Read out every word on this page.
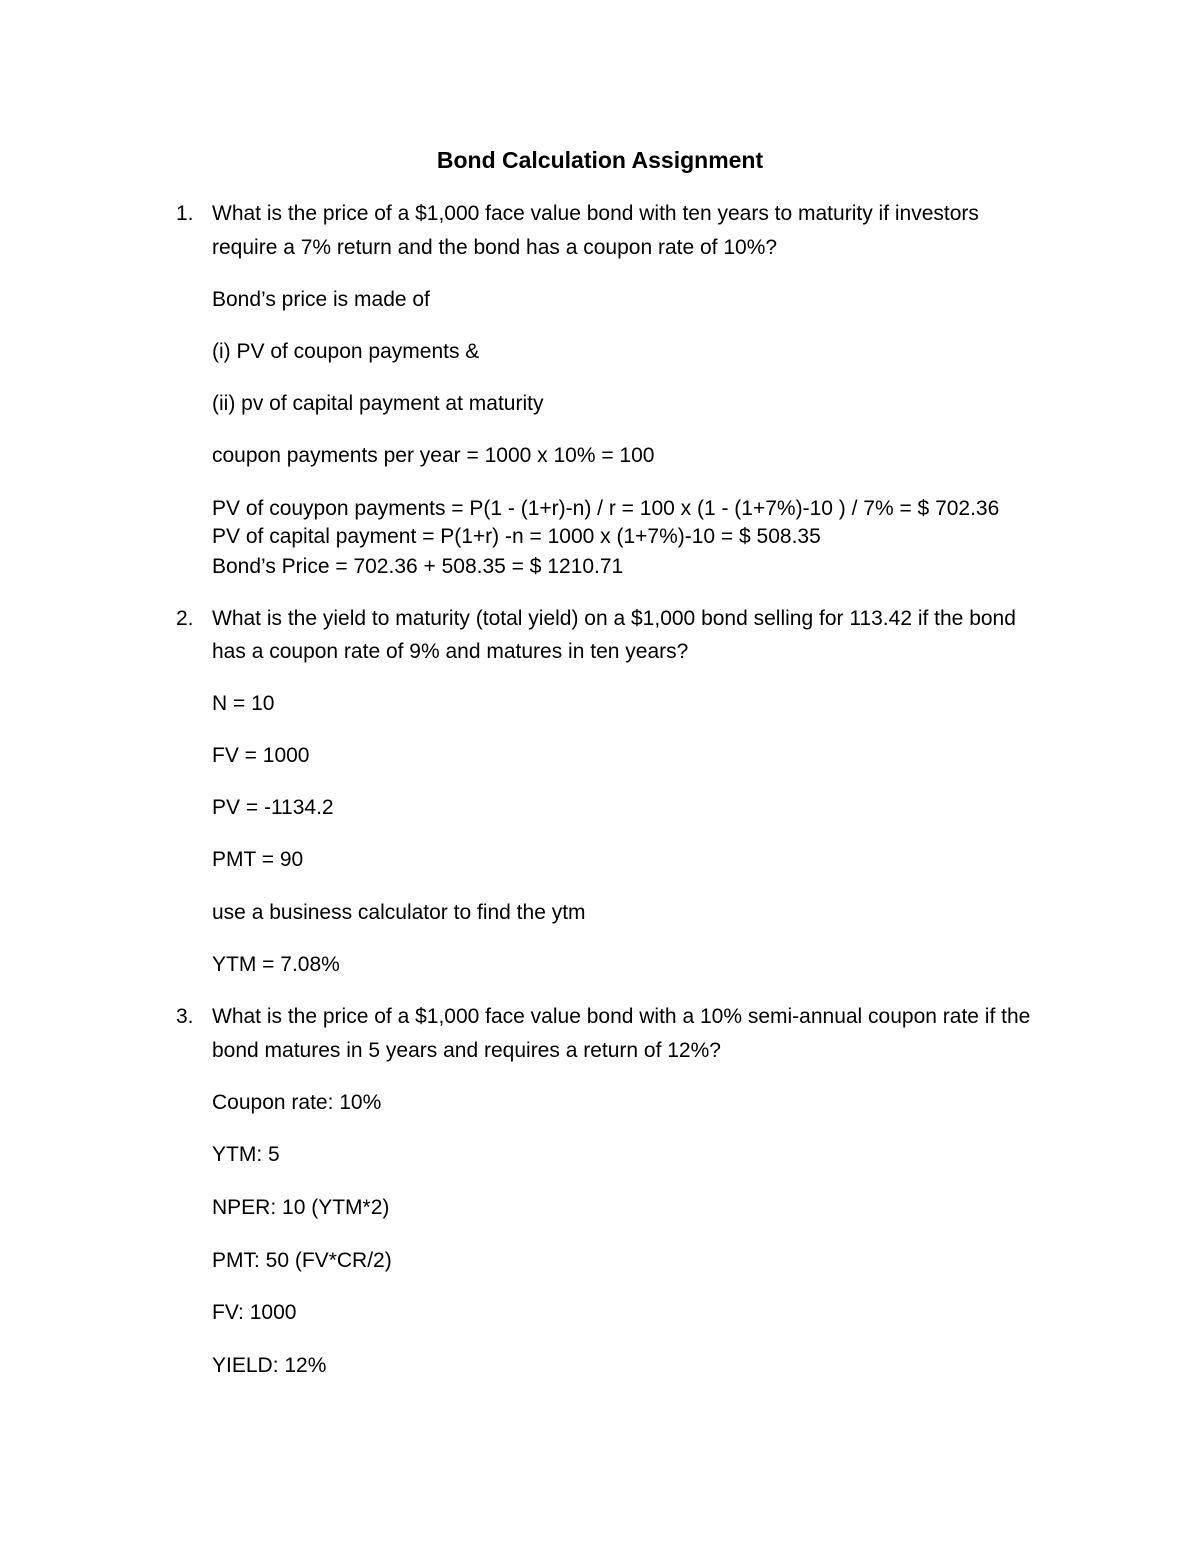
Bond Calculation Assignment
1. What is the price of a $1,000 face value bond with ten years to maturity if investors
require a 7% return and the bond has a coupon rate of 10%?
Bond’s price is made of
(i) PV of coupon payments &
(ii) pv of capital payment at maturity
coupon payments per year = 1000 x 10% = 100
PV of couypon payments = P(1 - (1+r)-n) / r = 100 x (1 - (1+7%)-10 ) / 7% = $ 702.36
PV of capital payment = P(1+r) -n = 1000 x (1+7%)-10 = $ 508.35
Bond’s Price = 702.36 + 508.35 = $ 1210.71
2. What is the yield to maturity (total yield) on a $1,000 bond selling for 113.42 if the bond
has a coupon rate of 9% and matures in ten years?
N = 10
FV = 1000
PV = -1134.2
PMT = 90
use a business calculator to find the ytm
YTM = 7.08%
3. What is the price of a $1,000 face value bond with a 10% semi-annual coupon rate if the
bond matures in 5 years and requires a return of 12%?
Coupon rate: 10%
YTM: 5
NPER: 10 (YTM*2)
PMT: 50 (FV*CR/2)
FV: 1000
YIELD: 12%
